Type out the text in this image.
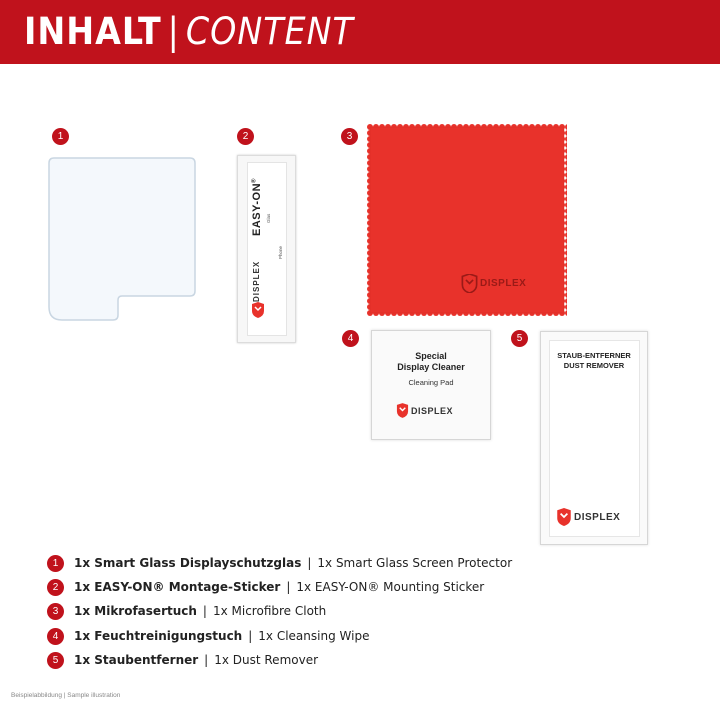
INHALT | CONTENT
1	2	3
4	5
EASY-ON®
Glas
Phone
DISPLEX	DISPLEX
Special
Display Cleaner
Cleaning Pad
DISPLEX
STAUB-ENTFERNER
DUST REMOVER
DISPLEX
1 1x Smart Glass Displayschutzglas | 1x Smart Glass Screen Protector
2 1x EASY-ON® Montage-Sticker | 1x EASY-ON® Mounting Sticker
3 1x Mikrofasertuch | 1x Microfibre Cloth
4 1x Feuchtreinigungstuch | 1x Cleansing Wipe
5 1x Staubentferner | 1x Dust Remover
Beispielabbildung | Sample illustration
